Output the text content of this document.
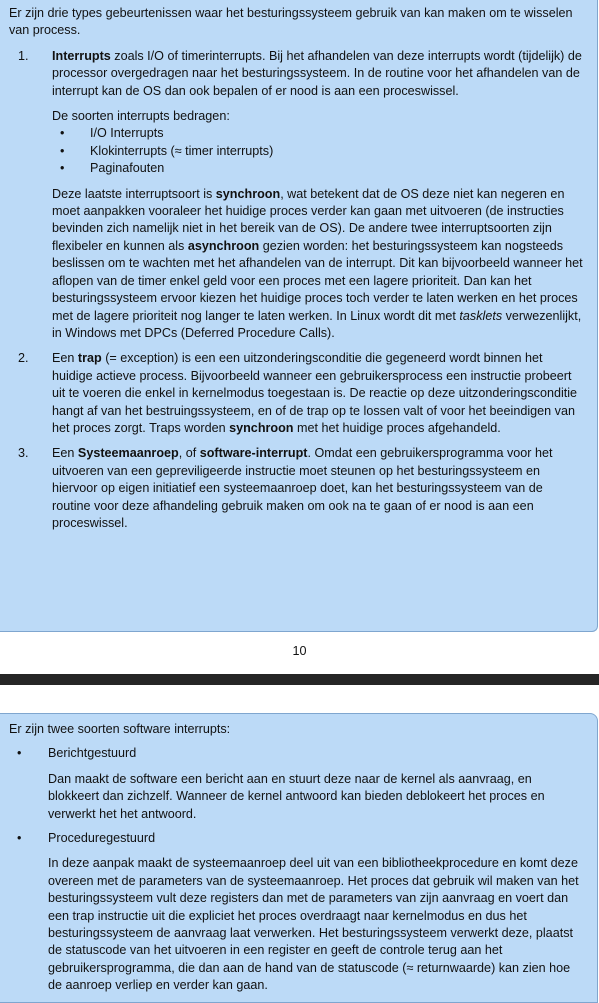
Er zijn drie types gebeurtenissen waar het besturingssysteem gebruik van kan maken om te wisselen van process.

1. Interrupts zoals I/O of timerinterrupts. Bij het afhandelen van deze interrupts wordt (tijdelijk) de processor overgedragen naar het besturingssysteem. In de routine voor het afhandelen van de interrupt kan de OS dan ook bepalen of er nood is aan een proceswissel.

De soorten interrupts bedragen:

• I/O Interrupts
• Klokinterrupts (≈ timer interrupts)
• Paginafouten

Deze laatste interruptsoort is synchroon, wat betekent dat de OS deze niet kan negeren en moet aanpakken vooraleer het huidige proces verder kan gaan met uitvoeren (de instructies bevinden zich namelijk niet in het bereik van de OS). De andere twee interruptsoorten zijn flexibeler en kunnen als asynchroon gezien worden: het besturingssysteem kan nogsteeds beslissen om te wachten met het afhandelen van de interrupt. Dit kan bijvoorbeeld wanneer het aflopen van de timer enkel geld voor een proces met een lagere prioriteit. Dan kan het besturingssysteem ervoor kiezen het huidige proces toch verder te laten werken en het proces met de lagere prioriteit nog langer te laten werken. In Linux wordt dit met tasklets verwezenlijkt, in Windows met DPCs (Deferred Procedure Calls).

2. Een trap (= exception) is een een uitzonderingsconditie die gegeneerd wordt binnen het huidige actieve process. Bijvoorbeeld wanneer een gebruikersprocess een instructie probeert uit te voeren die enkel in kernelmodus toegestaan is. De reactie op deze uitzonderingsconditie hangt af van het bestruingssysteem, en of de trap op te lossen valt of voor het beeindigen van het proces zorgt. Traps worden synchroon met het huidige proces afgehandeld.

3. Een Systeemaanroep, of software-interrupt. Omdat een gebruikersprogramma voor het uitvoeren van een gepreviligeerde instructie moet steunen op het besturingssysteem en hiervoor op eigen initiatief een systeemaanroep doet, kan het besturingssysteem van de routine voor deze afhandeling gebruik maken om ook na te gaan of er nood is aan een proceswissel.

10

Er zijn twee soorten software interrupts:

• Berichtgestuurd

Dan maakt de software een bericht aan en stuurt deze naar de kernel als aanvraag, en blokkeert dan zichzelf. Wanneer de kernel antwoord kan bieden deblokeert het proces en verwerkt het het antwoord.

• Proceduregestuurd

In deze aanpak maakt de systeemaanroep deel uit van een bibliotheekprocedure en komt deze overeen met de parameters van de systeemaanroep. Het proces dat gebruik wil maken van het besturingssysteem vult deze registers dan met de parameters van zijn aanvraag en voert dan een trap instructie uit die expliciet het proces overdraagt naar kernelmodus en dus het besturingssysteem de aanvraag laat verwerken. Het besturingssysteem verwerkt deze, plaatst de statuscode van het uitvoeren in een register en geeft de controle terug aan het gebruikersprogramma, die dan aan de hand van de statuscode (≈ returnwaarde) kan zien hoe de aanroep verliep en verder kan gaan.
